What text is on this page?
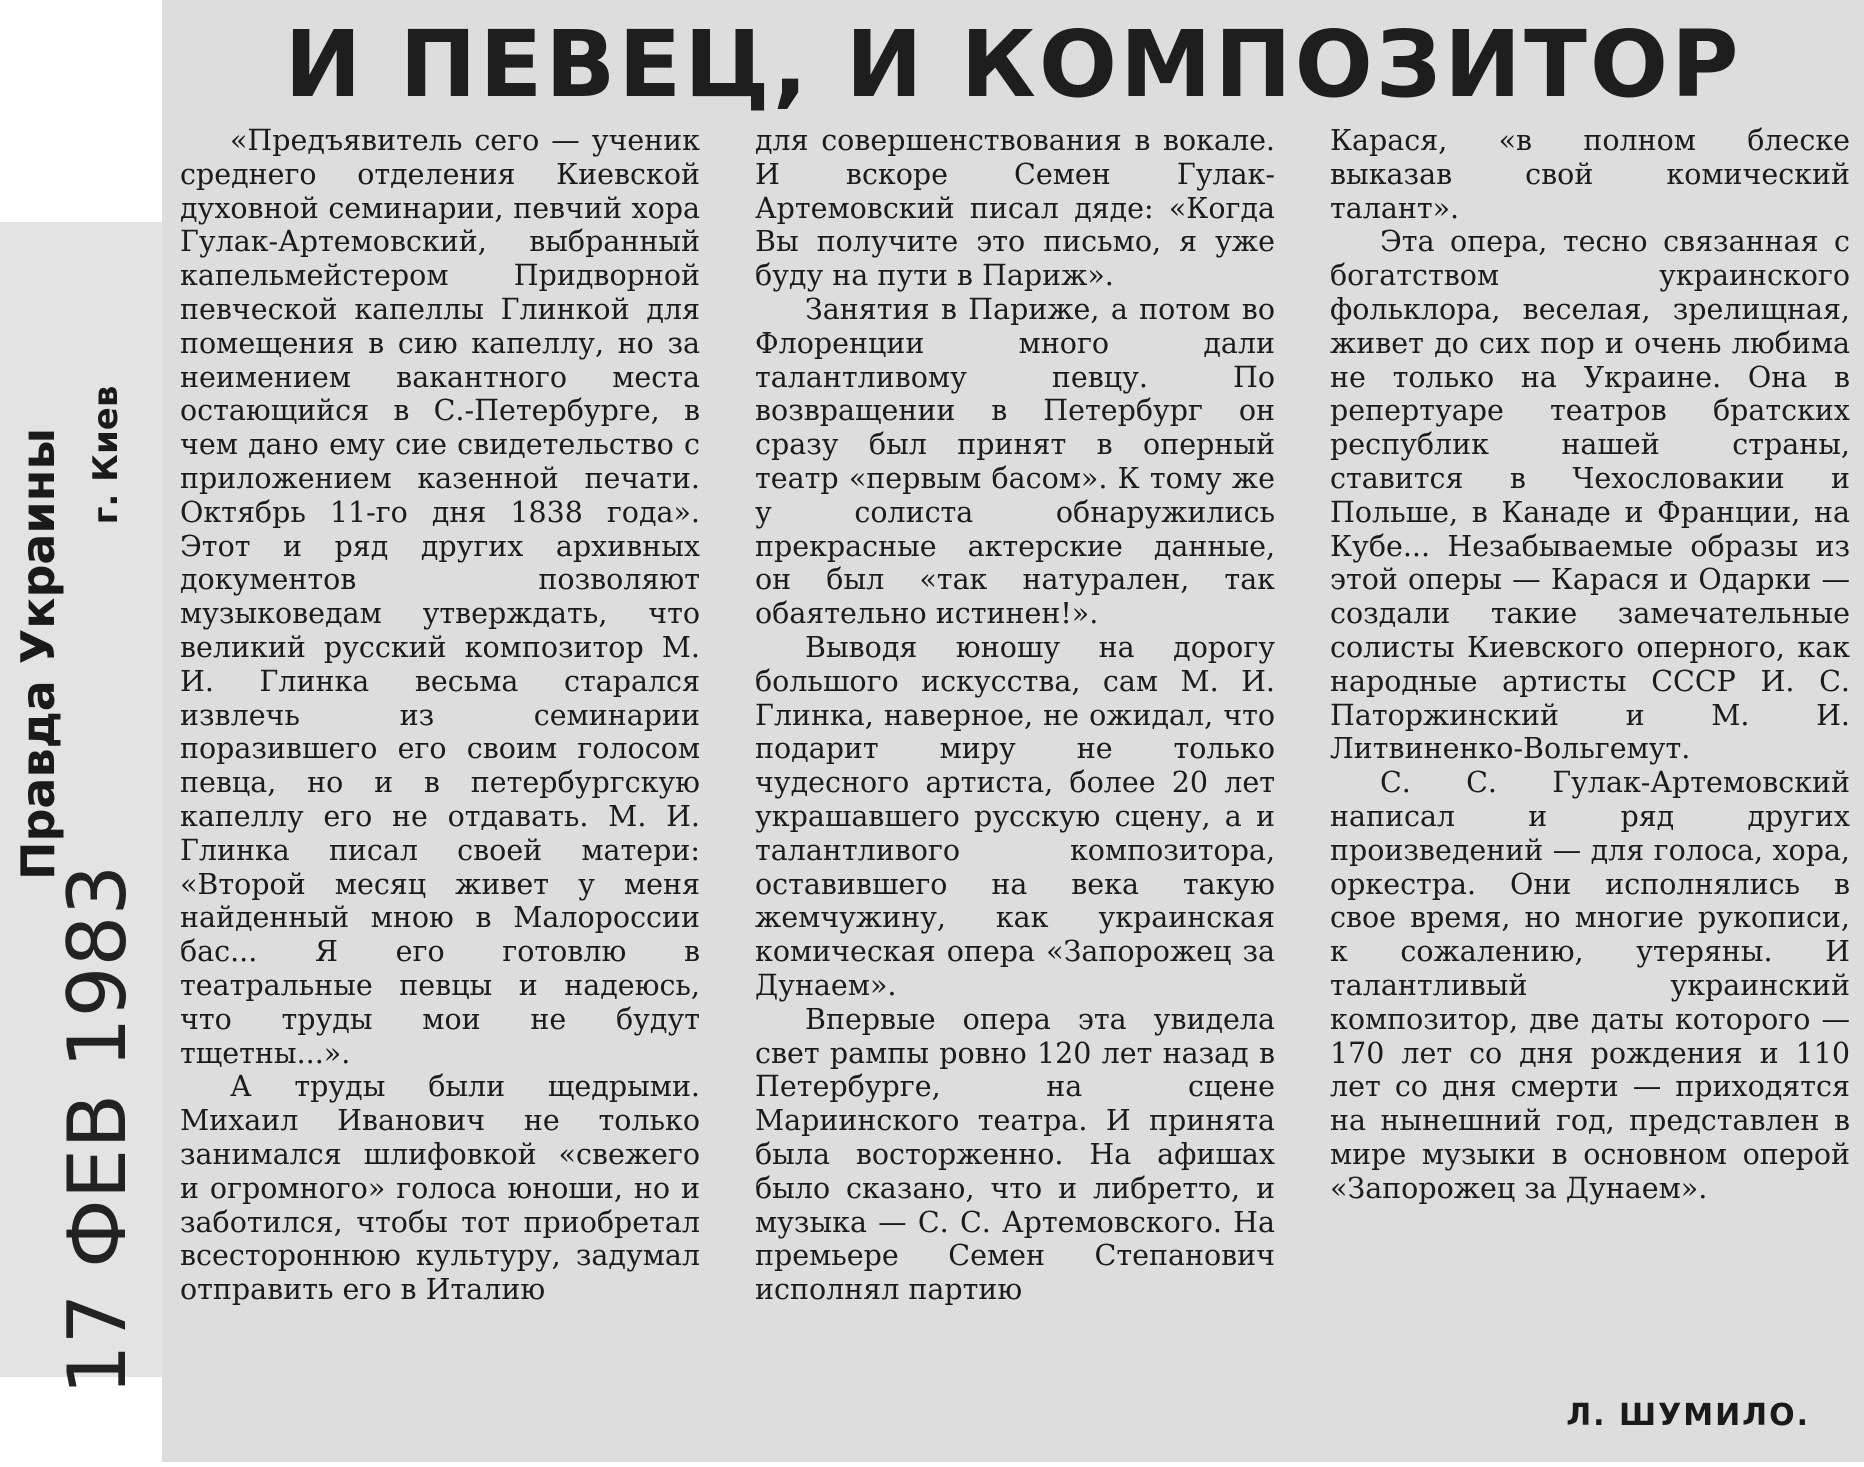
Правда Украины г. Киев
17 ФЕВ 1983
И ПЕВЕЦ, И КОМПОЗИТОР

«Предъявитель сего — ученик среднего отделения Киевской духовной семинарии, певчий хора Гулак-Артемовский, выбранный капельмейстером Придворной певческой капеллы Глинкой для помещения в сию капеллу, но за неимением вакантного места остающийся в С.-Петербурге, в чем дано ему сие свидетельство с приложением казенной печати. Октябрь 11-го дня 1838 года». Этот и ряд других архивных документов позволяют музыковедам утверждать, что великий русский композитор М. И. Глинка весьма старался извлечь из семинарии поразившего его своим голосом певца, но и в петербургскую капеллу его не отдавать. М. И. Глинка писал своей матери: «Второй месяц живет у меня найденный мною в Малороссии бас... Я его готовлю в театральные певцы и надеюсь, что труды мои не будут тщетны...».

А труды были щедрыми. Михаил Иванович не только занимался шлифовкой «свежего и огромного» голоса юноши, но и заботился, чтобы тот приобретал всестороннюю культуру, задумал отправить его в Италию

для совершенствования в вокале. И вскоре Семен Гулак-Артемовский писал дяде: «Когда Вы получите это письмо, я уже буду на пути в Париж».

Занятия в Париже, а потом во Флоренции много дали талантливому певцу. По возвращении в Петербург он сразу был принят в оперный театр «первым басом». К тому же у солиста обнаружились прекрасные актерские данные, он был «так натурален, так обаятельно истинен!».

Выводя юношу на дорогу большого искусства, сам М. И. Глинка, наверное, не ожидал, что подарит миру не только чудесного артиста, более 20 лет украшавшего русскую сцену, а и талантливого композитора, оставившего на века такую жемчужину, как украинская комическая опера «Запорожец за Дунаем».

Впервые опера эта увидела свет рампы ровно 120 лет назад в Петербурге, на сцене Мариинского театра. И принята была восторженно. На афишах было сказано, что и либретто, и музыка — С. С. Артемовского. На премьере Семен Степанович исполнял партию

Карася, «в полном блеске выказав свой комический талант».

Эта опера, тесно связанная с богатством украинского фольклора, веселая, зрелищная, живет до сих пор и очень любима не только на Украине. Она в репертуаре театров братских республик нашей страны, ставится в Чехословакии и Польше, в Канаде и Франции, на Кубе... Незабываемые образы из этой оперы — Карася и Одарки — создали такие замечательные солисты Киевского оперного, как народные артисты СССР И. С. Паторжинский и М. И. Литвиненко-Вольгемут.

С. С. Гулак-Артемовский написал и ряд других произведений — для голоса, хора, оркестра. Они исполнялись в свое время, но многие рукописи, к сожалению, утеряны. И талантливый украинский композитор, две даты которого — 170 лет со дня рождения и 110 лет со дня смерти — приходятся на нынешний год, представлен в мире музыки в основном оперой «Запорожец за Дунаем».

Л. ШУМИЛО.
